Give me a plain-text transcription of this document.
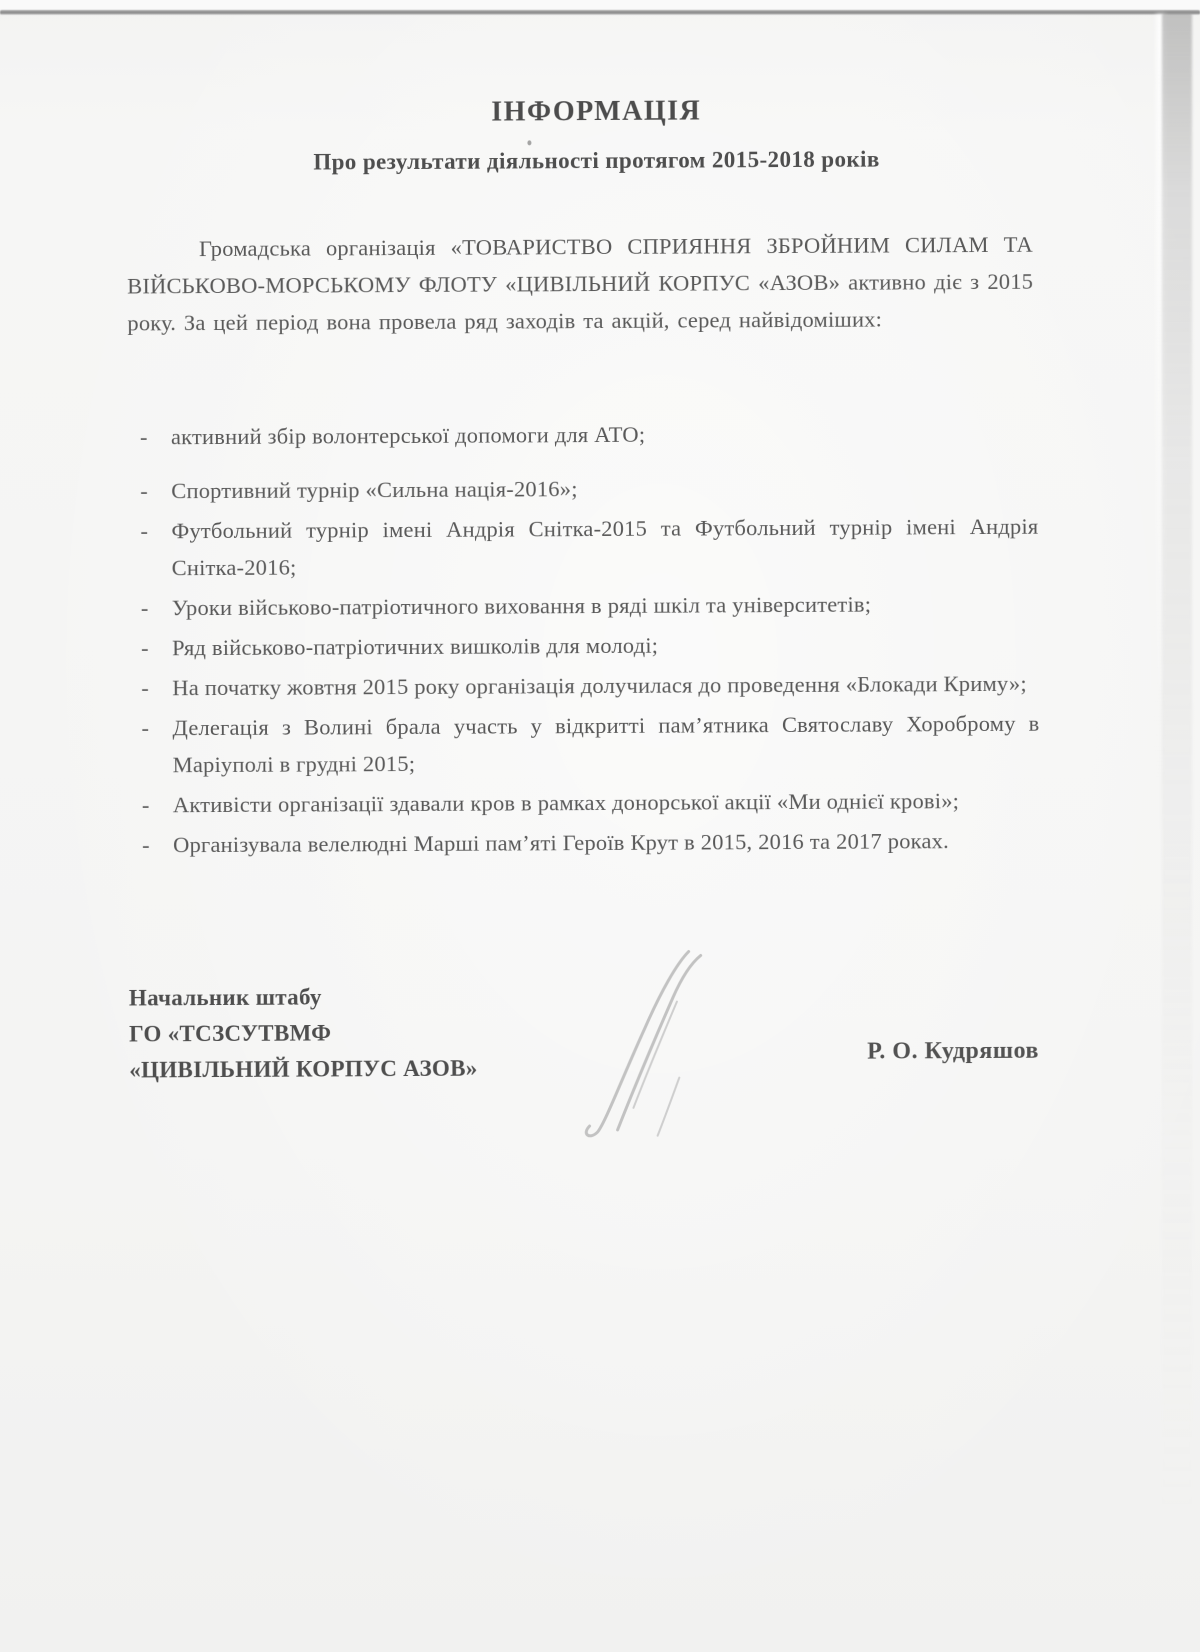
ІНФОРМАЦІЯ
Про результати діяльності протягом 2015-2018 років

Громадська організація «ТОВАРИСТВО СПРИЯННЯ ЗБРОЙНИМ СИЛАМ ТА ВІЙСЬКОВО-МОРСЬКОМУ ФЛОТУ «ЦИВІЛЬНИЙ КОРПУС «АЗОВ» активно діє з 2015 року. За цей період вона провела ряд заходів та акцій, серед найвідоміших:

- активний збір волонтерської допомоги для АТО;
- Спортивний турнір «Сильна нація-2016»;
- Футбольний турнір імені Андрія Снітка-2015 та Футбольний турнір імені Андрія Снітка-2016;
- Уроки військово-патріотичного виховання в ряді шкіл та університетів;
- Ряд військово-патріотичних вишколів для молоді;
- На початку жовтня 2015 року організація долучилася до проведення «Блокади Криму»;
- Делегація з Волині брала участь у відкритті пам’ятника Святославу Хороброму в Маріуполі в грудні 2015;
- Активісти організації здавали кров в рамках донорської акції «Ми однієї крові»;
- Організувала велелюдні Марші пам’яті Героїв Крут в 2015, 2016 та 2017 роках.
Начальник штабу
ГО «ТСЗСУТВМФ
«ЦИВІЛЬНИЙ КОРПУС АЗОВ»
Р. О. Кудряшов
